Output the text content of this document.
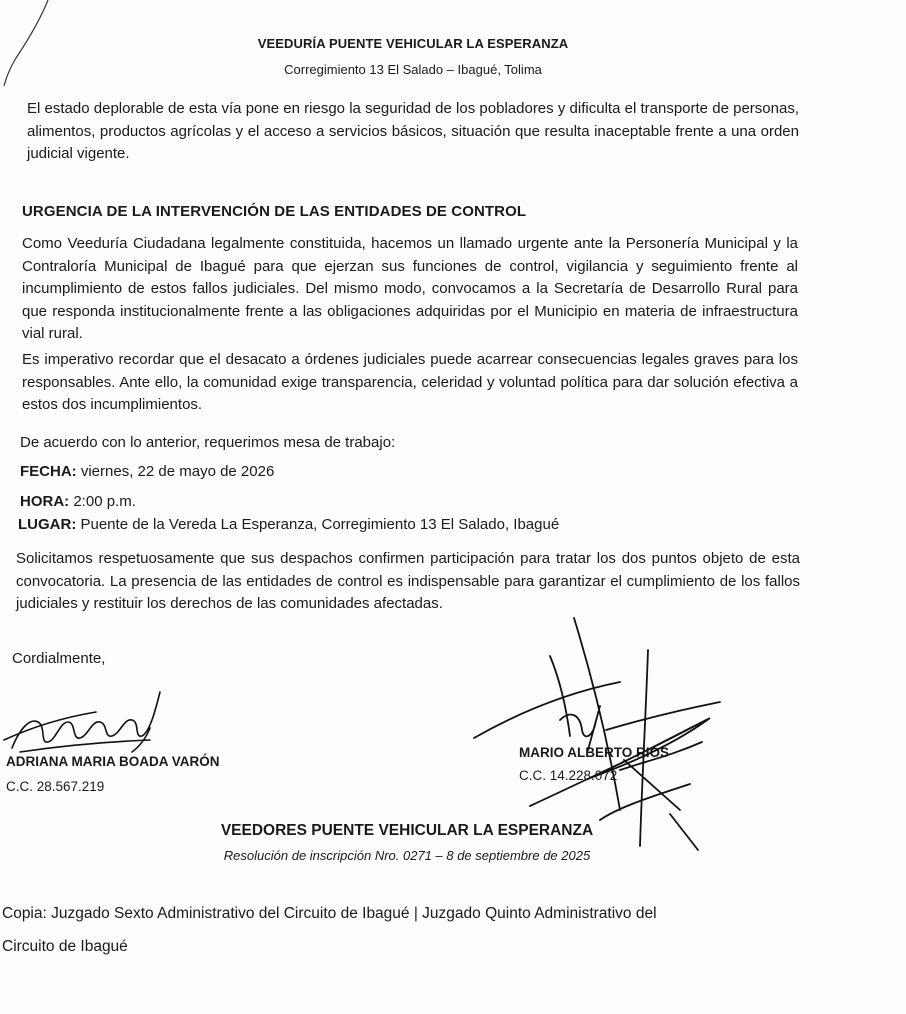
VEEDURÍA PUENTE VEHICULAR LA ESPERANZA
Corregimiento 13 El Salado – Ibagué, Tolima

El estado deplorable de esta vía pone en riesgo la seguridad de los pobladores y dificulta el transporte de personas, alimentos, productos agrícolas y el acceso a servicios básicos, situación que resulta inaceptable frente a una orden judicial vigente.

URGENCIA DE LA INTERVENCIÓN DE LAS ENTIDADES DE CONTROL

Como Veeduría Ciudadana legalmente constituida, hacemos un llamado urgente ante la Personería Municipal y la Contraloría Municipal de Ibagué para que ejerzan sus funciones de control, vigilancia y seguimiento frente al incumplimiento de estos fallos judiciales. Del mismo modo, convocamos a la Secretaría de Desarrollo Rural para que responda institucionalmente frente a las obligaciones adquiridas por el Municipio en materia de infraestructura vial rural.

Es imperativo recordar que el desacato a órdenes judiciales puede acarrear consecuencias legales graves para los responsables. Ante ello, la comunidad exige transparencia, celeridad y voluntad política para dar solución efectiva a estos dos incumplimientos.

De acuerdo con lo anterior, requerimos mesa de trabajo:

FECHA: viernes, 22 de mayo de 2026
HORA: 2:00 p.m.
LUGAR: Puente de la Vereda La Esperanza, Corregimiento 13 El Salado, Ibagué

Solicitamos respetuosamente que sus despachos confirmen participación para tratar los dos puntos objeto de esta convocatoria. La presencia de las entidades de control es indispensable para garantizar el cumplimiento de los fallos judiciales y restituir los derechos de las comunidades afectadas.

Cordialmente,
ADRIANA MARIA BOADA VARÓN
C.C. 28.567.219
MARIO ALBERTO RIOS
C.C. 14.228.072
VEEDORES PUENTE VEHICULAR LA ESPERANZA
Resolución de inscripción Nro. 0271 – 8 de septiembre de 2025
Copia: Juzgado Sexto Administrativo del Circuito de Ibagué | Juzgado Quinto Administrativo del
Circuito de Ibagué
